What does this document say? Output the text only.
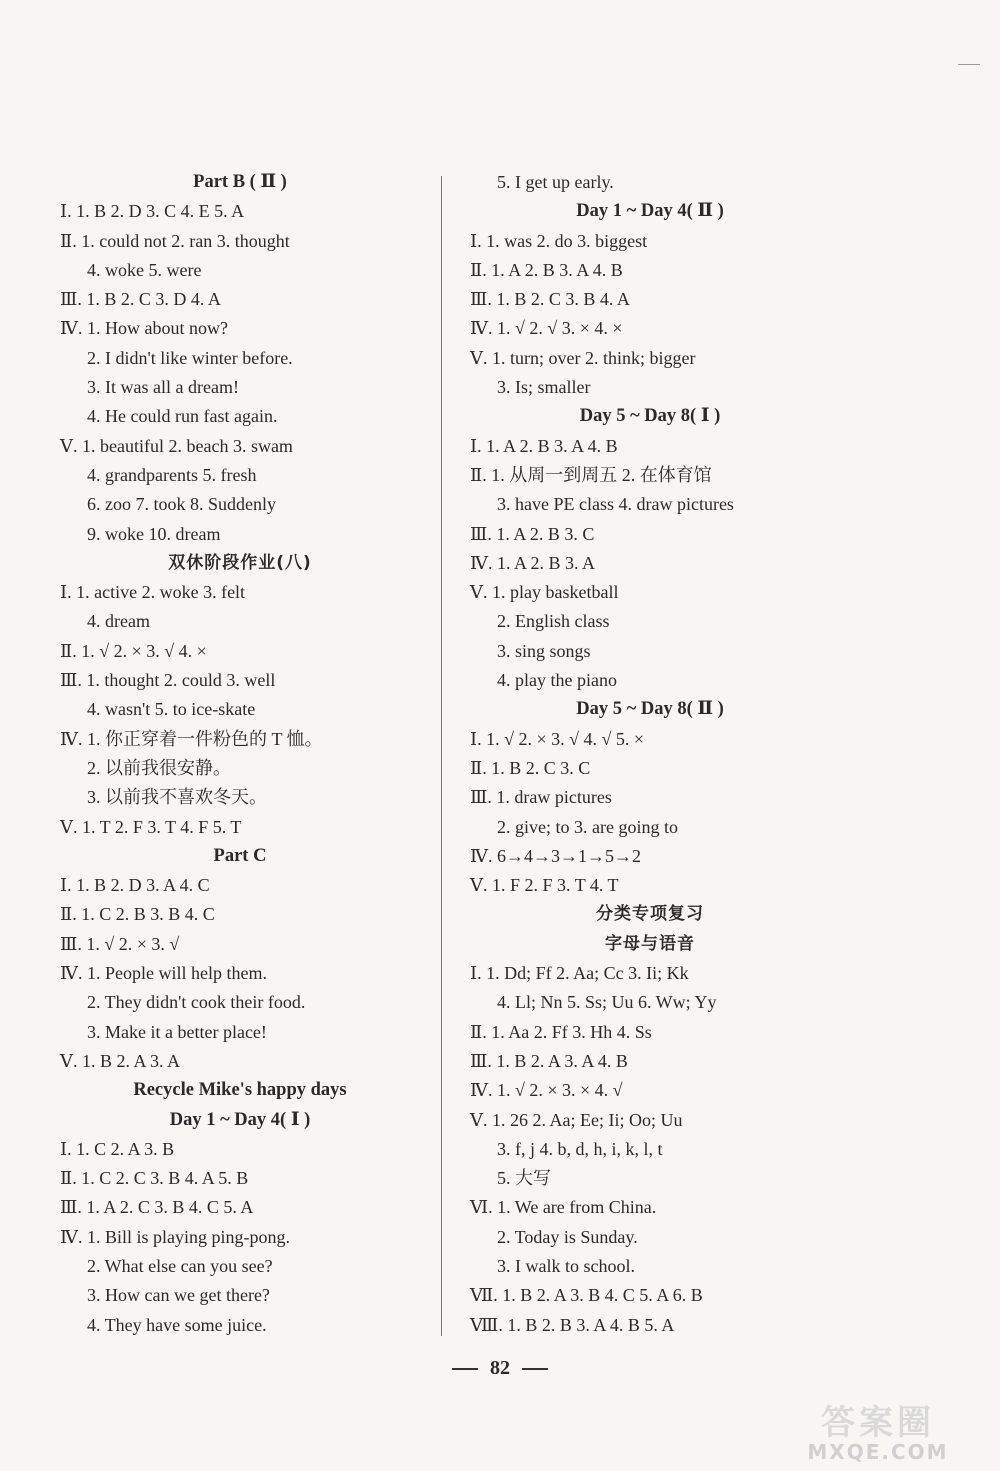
Part B ( Ⅱ )
Ⅰ. 1. B 2. D 3. C 4. E 5. A
Ⅱ. 1. could not 2. ran 3. thought
4. woke 5. were
Ⅲ. 1. B 2. C 3. D 4. A
Ⅳ. 1. How about now?
2. I didn't like winter before.
3. It was all a dream!
4. He could run fast again.
Ⅴ. 1. beautiful 2. beach 3. swam
4. grandparents 5. fresh
6. zoo 7. took 8. Suddenly
9. woke 10. dream
双休阶段作业(八)
Ⅰ. 1. active 2. woke 3. felt
4. dream
Ⅱ. 1. √ 2. × 3. √ 4. ×
Ⅲ. 1. thought 2. could 3. well
4. wasn't 5. to ice-skate
Ⅳ. 1. 你正穿着一件粉色的 T 恤。
2. 以前我很安静。
3. 以前我不喜欢冬天。
Ⅴ. 1. T 2. F 3. T 4. F 5. T
Part C
Ⅰ. 1. B 2. D 3. A 4. C
Ⅱ. 1. C 2. B 3. B 4. C
Ⅲ. 1. √ 2. × 3. √
Ⅳ. 1. People will help them.
2. They didn't cook their food.
3. Make it a better place!
Ⅴ. 1. B 2. A 3. A
Recycle Mike's happy days
Day 1 ~ Day 4( Ⅰ )
Ⅰ. 1. C 2. A 3. B
Ⅱ. 1. C 2. C 3. B 4. A 5. B
Ⅲ. 1. A 2. C 3. B 4. C 5. A
Ⅳ. 1. Bill is playing ping-pong.
2. What else can you see?
3. How can we get there?
4. They have some juice.
5. I get up early.
Day 1 ~ Day 4( Ⅱ )
Ⅰ. 1. was 2. do 3. biggest
Ⅱ. 1. A 2. B 3. A 4. B
Ⅲ. 1. B 2. C 3. B 4. A
Ⅳ. 1. √ 2. √ 3. × 4. ×
Ⅴ. 1. turn; over 2. think; bigger
3. Is; smaller
Day 5 ~ Day 8( Ⅰ )
Ⅰ. 1. A 2. B 3. A 4. B
Ⅱ. 1. 从周一到周五 2. 在体育馆
3. have PE class 4. draw pictures
Ⅲ. 1. A 2. B 3. C
Ⅳ. 1. A 2. B 3. A
Ⅴ. 1. play basketball
2. English class
3. sing songs
4. play the piano
Day 5 ~ Day 8( Ⅱ )
Ⅰ. 1. √ 2. × 3. √ 4. √ 5. ×
Ⅱ. 1. B 2. C 3. C
Ⅲ. 1. draw pictures
2. give; to 3. are going to
Ⅳ. 6→4→3→1→5→2
Ⅴ. 1. F 2. F 3. T 4. T
分类专项复习
字母与语音
Ⅰ. 1. Dd; Ff 2. Aa; Cc 3. Ii; Kk
4. Ll; Nn 5. Ss; Uu 6. Ww; Yy
Ⅱ. 1. Aa 2. Ff 3. Hh 4. Ss
Ⅲ. 1. B 2. A 3. A 4. B
Ⅳ. 1. √ 2. × 3. × 4. √
Ⅴ. 1. 26 2. Aa; Ee; Ii; Oo; Uu
3. f, j 4. b, d, h, i, k, l, t
5. 大写
Ⅵ. 1. We are from China.
2. Today is Sunday.
3. I walk to school.
Ⅶ. 1. B 2. A 3. B 4. C 5. A 6. B
Ⅷ. 1. B 2. B 3. A 4. B 5. A
82
答案圈
MXQE.COM
